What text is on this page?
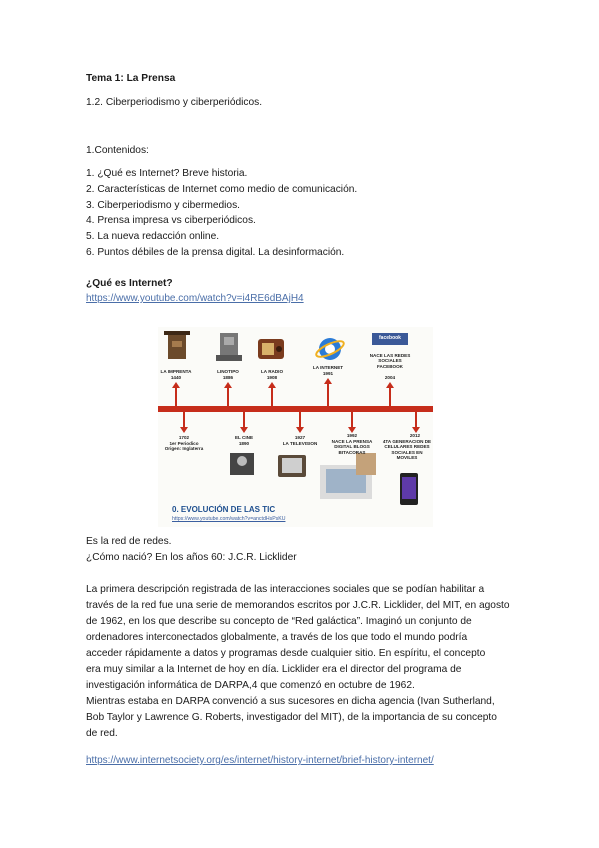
Tema 1: La Prensa
1.2. Ciberperiodismo y ciberperiódicos.
1.Contenidos:
1. ¿Qué es Internet? Breve historia.
2. Características de Internet como medio de comunicación.
3. Ciberperiodismo y cibermedios.
4. Prensa impresa vs ciberperiódicos.
5. La nueva redacción online.
6. Puntos débiles de la prensa digital. La desinformación.
¿Qué es Internet?
https://www.youtube.com/watch?v=i4RE6dBAjH4
facebook
LA IMPRENTA
1440
LINOTIPO
1886
LA RADIO
1908
LA INTERNET
1991
NACE LAS REDES SOCIALES FACEBOOK
2004
1702
1er Periodico Origen: Inglaterra
EL CINE
1890
1927
LA TELEVISION
1992
NACE LA PRENSA DIGITAL BLOGS BITACORAS
2012
4TA GENERACION DE CELULARES REDES SOCIALES EN MOVILES
0. EVOLUCIÓN DE LAS TIC
https://www.youtube.com/watch?v=anctdHsPsKU
Es la red de redes.
¿Cómo nació? En los años 60: J.C.R. Licklider
La primera descripción registrada de las interacciones sociales que se podían habilitar a
través de la red fue una serie de memorandos escritos por J.C.R. Licklider, del MIT, en agosto
de 1962, en los que describe su concepto de “Red galáctica”. Imaginó un conjunto de
ordenadores interconectados globalmente, a través de los que todo el mundo podría
acceder rápidamente a datos y programas desde cualquier sitio. En espíritu, el concepto
era muy similar a la Internet de hoy en día. Licklider era el director del programa de
investigación informática de DARPA,4 que comenzó en octubre de 1962.
Mientras estaba en DARPA convenció a sus sucesores en dicha agencia (Ivan Sutherland,
Bob Taylor y Lawrence G. Roberts, investigador del MIT), de la importancia de su concepto
de red.
https://www.internetsociety.org/es/internet/history-internet/brief-history-internet/
